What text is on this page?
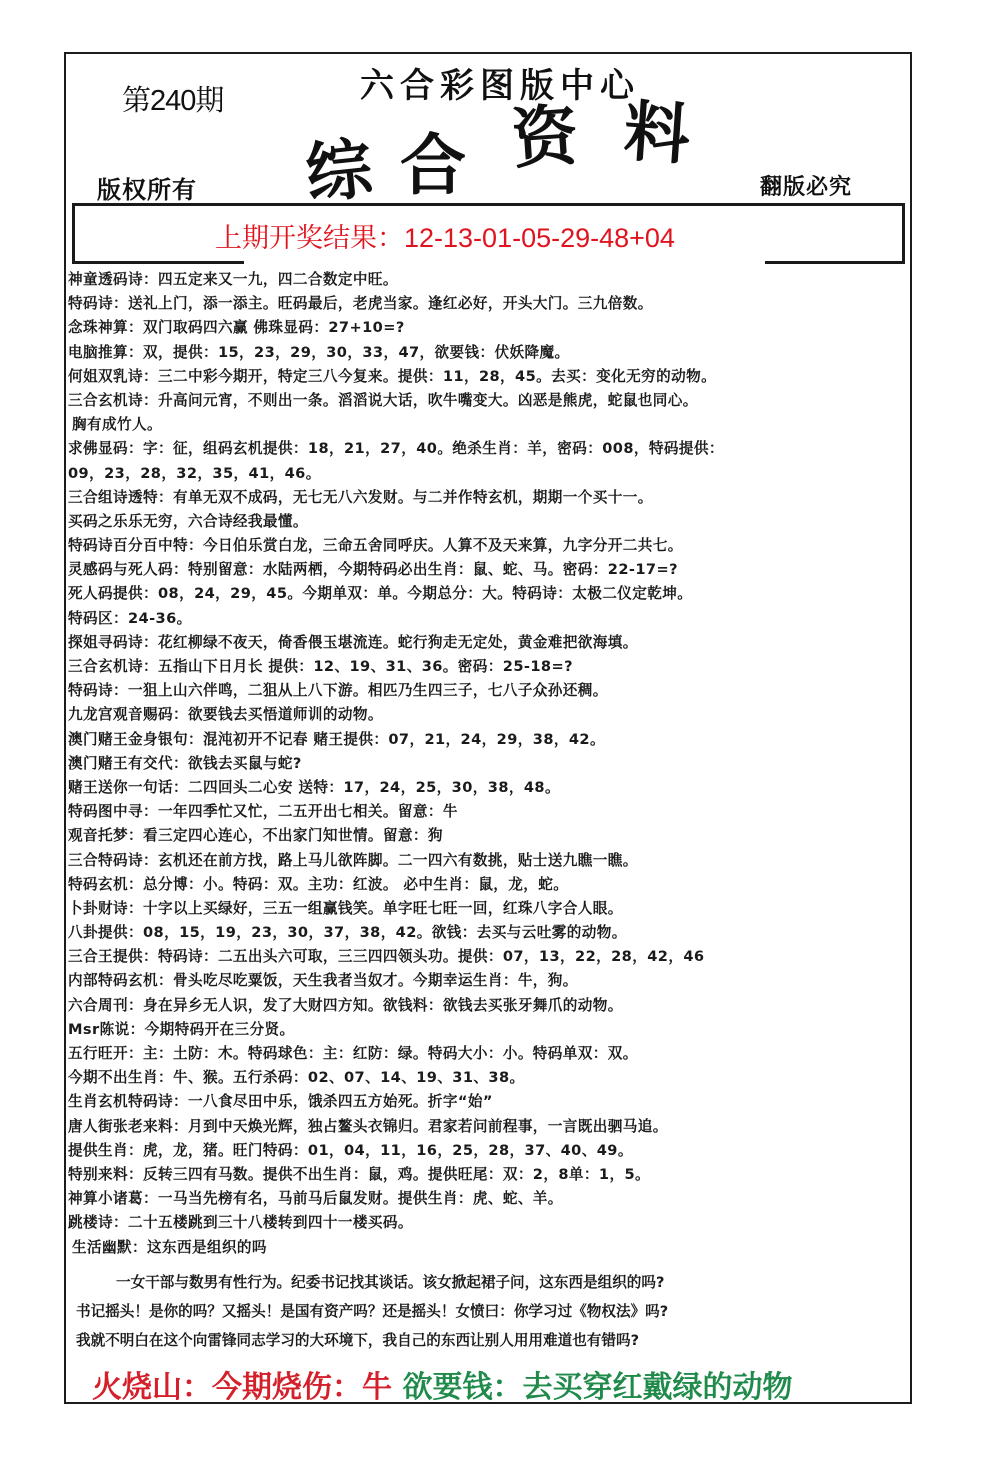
第240期	六合彩图版中心
综 合 资 料
版权所有	翻版必究
上期开奖结果：12-13-01-05-29-48+04
神童透码诗：四五定来又一九，四二合数定中旺。
特码诗：送礼上门，添一添主。旺码最后，老虎当家。逢红必好，开头大门。三九倍数。
念珠神算：双门取码四六赢 佛珠显码：27+10=?
电脑推算：双，提供：15，23，29，30，33，47，欲要钱：伏妖降魔。
何姐双乳诗：三二中彩今期开，特定三八今复来。提供：11，28，45。去买：变化无穷的动物。
三合玄机诗：升高问元宵，不则出一条。滔滔说大话，吹牛嘴变大。凶恶是熊虎，蛇鼠也同心。
胸有成竹人。
求佛显码：字：征，组码玄机提供：18，21，27，40。绝杀生肖：羊，密码：008，特码提供：
09，23，28，32，35，41，46。
三合组诗透特：有单无双不成码，无七无八六发财。与二并作特玄机，期期一个买十一。
买码之乐乐无穷，六合诗经我最懂。
特码诗百分百中特：今日伯乐赏白龙，三命五舍同呼庆。人算不及天来算，九字分开二共七。
灵感码与死人码：特别留意：水陆两栖，今期特码必出生肖：鼠、蛇、马。密码：22-17=?
死人码提供：08，24，29，45。今期单双：单。今期总分：大。特码诗：太极二仪定乾坤。
特码区：24-36。
探姐寻码诗：花红柳绿不夜天，倚香偎玉堪流连。蛇行狗走无定处，黄金难把欲海填。
三合玄机诗：五指山下日月长 提供：12、19、31、36。密码：25-18=?
特码诗：一狙上山六伴鸣，二狙从上八下游。相匹乃生四三子，七八子众孙还稠。
九龙宫观音赐码：欲要钱去买悟道师训的动物。
澳门赌王金身银句：混沌初开不记春 赌王提供：07，21，24，29，38，42。
澳门赌王有交代：欲钱去买鼠与蛇?
赌王送你一句话：二四回头二心安 送特：17，24，25，30，38，48。
特码图中寻：一年四季忙又忙，二五开出七相关。留意：牛
观音托梦：看三定四心连心，不出家门知世情。留意：狗
三合特码诗：玄机还在前方找，路上马儿欲阵脚。二一四六有数挑，贴士送九瞧一瞧。
特码玄机：总分博：小。特码：双。主功：红波。 必中生肖：鼠，龙，蛇。
卜卦财诗：十字以上买绿好，三五一组赢钱笑。单字旺七旺一回，红珠八字合人眼。
八卦提供：08，15，19，23，30，37，38，42。欲钱：去买与云吐雾的动物。
三合王提供：特码诗：二五出头六可取，三三四四领头功。提供：07，13，22，28，42，46
内部特码玄机：骨头吃尽吃粟饭，天生我者当奴才。今期幸运生肖：牛，狗。
六合周刊：身在异乡无人识，发了大财四方知。欲钱料：欲钱去买张牙舞爪的动物。
Msr陈说：今期特码开在三分贤。
五行旺开：主：土防：木。特码球色：主：红防：绿。特码大小：小。特码单双：双。
今期不出生肖：牛、猴。五行杀码：02、07、14、19、31、38。
生肖玄机特码诗：一八食尽田中乐，饿杀四五方始死。折字“始”
唐人街张老来料：月到中天焕光辉，独占鳌头衣锦归。君家若问前程事，一言既出驷马追。
提供生肖：虎，龙，猪。旺门特码：01，04，11，16，25，28，37、40、49。
特别来料：反转三四有马数。提供不出生肖：鼠，鸡。提供旺尾：双：2，8单：1，5。
神算小诸葛：一马当先榜有名，马前马后鼠发财。提供生肖：虎、蛇、羊。
跳楼诗：二十五楼跳到三十八楼转到四十一楼买码。
生活幽默：这东西是组织的吗
一女干部与数男有性行为。纪委书记找其谈话。该女掀起裙子问，这东西是组织的吗?
书记摇头！是你的吗？又摇头！是国有资产吗？还是摇头！女愤曰：你学习过《物权法》吗?
我就不明白在这个向雷锋同志学习的大环境下，我自己的东西让别人用用难道也有错吗?
火烧山：今期烧伤：牛 欲要钱：去买穿红戴绿的动物
